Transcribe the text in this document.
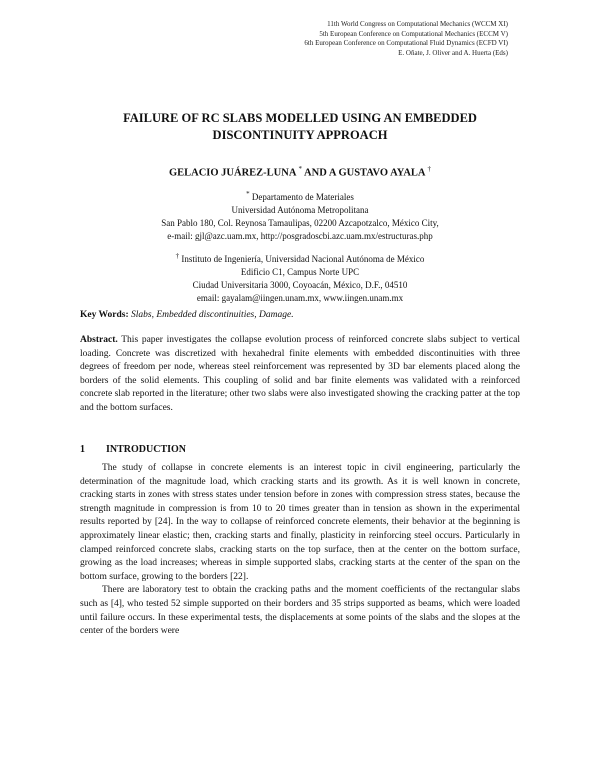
11th World Congress on Computational Mechanics (WCCM XI)
5th European Conference on Computational Mechanics (ECCM V)
6th European Conference on Computational Fluid Dynamics (ECFD VI)
E. Oñate, J. Oliver and A. Huerta (Eds)
FAILURE OF RC SLABS MODELLED USING AN EMBEDDED
DISCONTINUITY APPROACH
GELACIO JUÁREZ-LUNA * AND A GUSTAVO AYALA †
* Departamento de Materiales
Universidad Autónoma Metropolitana
San Pablo 180, Col. Reynosa Tamaulipas, 02200 Azcapotzalco, México City,
e-mail: gjl@azc.uam.mx, http://posgradoscbi.azc.uam.mx/estructuras.php
† Instituto de Ingeniería, Universidad Nacional Autónoma de México
Edificio C1, Campus Norte UPC
Ciudad Universitaria 3000, Coyoacán, México, D.F., 04510
email: gayalam@iingen.unam.mx, www.iingen.unam.mx
Key Words: Slabs, Embedded discontinuities, Damage.
Abstract. This paper investigates the collapse evolution process of reinforced concrete slabs subject to vertical loading. Concrete was discretized with hexahedral finite elements with embedded discontinuities with three degrees of freedom per node, whereas steel reinforcement was represented by 3D bar elements placed along the borders of the solid elements. This coupling of solid and bar finite elements was validated with a reinforced concrete slab reported in the literature; other two slabs were also investigated showing the cracking patter at the top and the bottom surfaces.
1 INTRODUCTION

The study of collapse in concrete elements is an interest topic in civil engineering, particularly the determination of the magnitude load, which cracking starts and its growth. As it is well known in concrete, cracking starts in zones with stress states under tension before in zones with compression stress states, because the strength magnitude in compression is from 10 to 20 times greater than in tension as shown in the experimental results reported by [24]. In the way to collapse of reinforced concrete elements, their behavior at the beginning is approximately linear elastic; then, cracking starts and finally, plasticity in reinforcing steel occurs. Particularly in clamped reinforced concrete slabs, cracking starts on the top surface, then at the center on the bottom surface, growing as the load increases; whereas in simple supported slabs, cracking starts at the center of the span on the bottom surface, growing to the borders [22].

There are laboratory test to obtain the cracking paths and the moment coefficients of the rectangular slabs such as [4], who tested 52 simple supported on their borders and 35 strips supported as beams, which were loaded until failure occurs. In these experimental tests, the displacements at some points of the slabs and the slopes at the center of the borders were
